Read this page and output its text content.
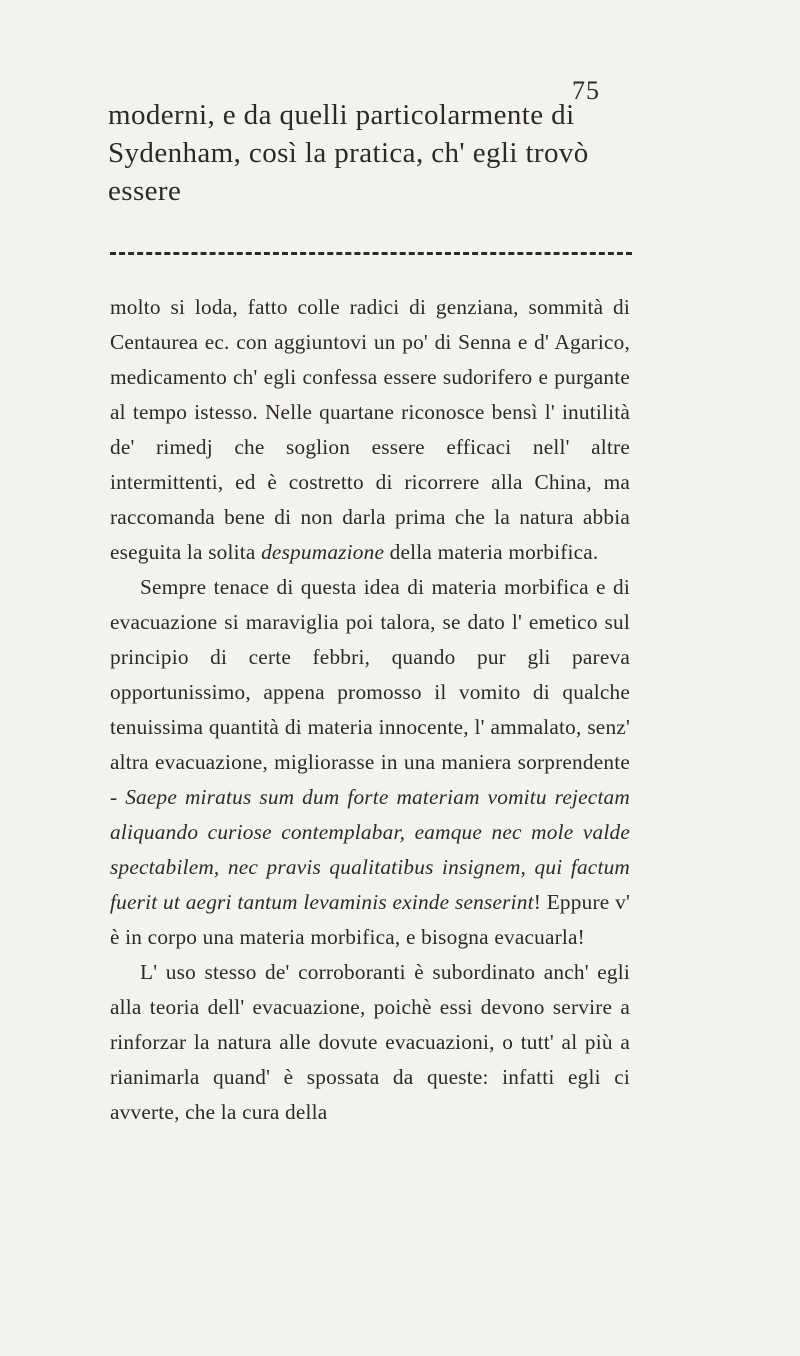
75
moderni, e da quelli particolarmente di Sydenham, così la pratica, ch' egli trovò essere

molto si loda, fatto colle radici di genziana, sommità di Centaurea ec. con aggiuntovi un po' di Senna e d' Agarico, medicamento ch' egli confessa essere sudorifero e purgante al tempo istesso. Nelle quartane riconosce bensì l' inutilità de' rimedj che soglion essere efficaci nell' altre intermittenti, ed è costretto di ricorrere alla China, ma raccomanda bene di non darla prima che la natura abbia eseguita la solita despumazione della materia morbifica.

Sempre tenace di questa idea di materia morbifica e di evacuazione si maraviglia poi talora, se dato l' emetico sul principio di certe febbri, quando pur gli pareva opportunissimo, appena promosso il vomito di qualche tenuissima quantità di materia innocente, l' ammalato, senz' altra evacuazione, migliorasse in una maniera sorprendente - Saepe miratus sum dum forte materiam vomitu rejectam aliquando curiose contemplabar, eamque nec mole valde spectabilem, nec pravis qualitatibus insignem, qui factum fuerit ut aegri tantum levaminis exinde senserint! Eppure v' è in corpo una materia morbifica, e bisogna evacuarla!

L' uso stesso de' corroboranti è subordinato anch' egli alla teoria dell' evacuazione, poichè essi devono servire a rinforzar la natura alle dovute evacuazioni, o tutt' al più a rianimarla quand' è spossata da queste: infatti egli ci avverte, che la cura della
